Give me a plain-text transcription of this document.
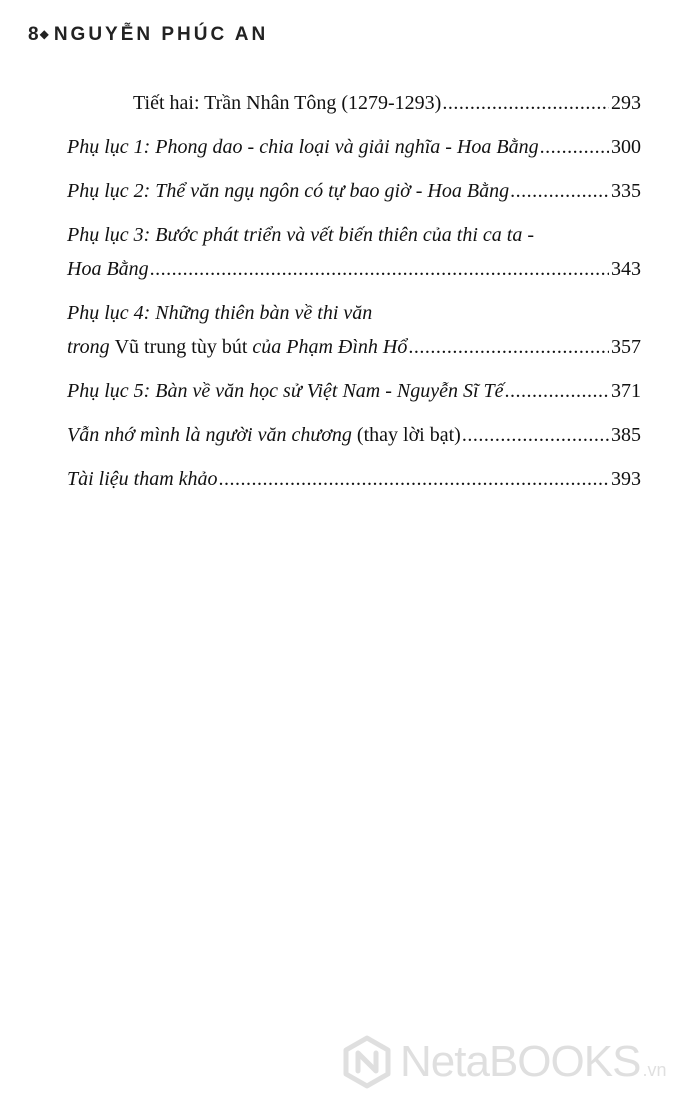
8◆ NGUYỄN PHÚC AN
Tiết hai: Trần Nhân Tông (1279-1293) .....	293
Phụ lục 1: Phong dao - chia loại và giải nghĩa - Hoa Bằng .....	300
Phụ lục 2: Thể văn ngụ ngôn có tự bao giờ - Hoa Bằng .....	335
Phụ lục 3: Bước phát triển và vết biến thiên của thi ca ta -
Hoa Bằng .....	343
Phụ lục 4: Những thiên bàn về thi văn
trong Vũ trung tùy bút của Phạm Đình Hổ .....	357
Phụ lục 5: Bàn về văn học sử Việt Nam - Nguyễn Sĩ Tế .....	371
Vẫn nhớ mình là người văn chương (thay lời bạt) .....	385
Tài liệu tham khảo .....	393
NetaBOOKS .vn
